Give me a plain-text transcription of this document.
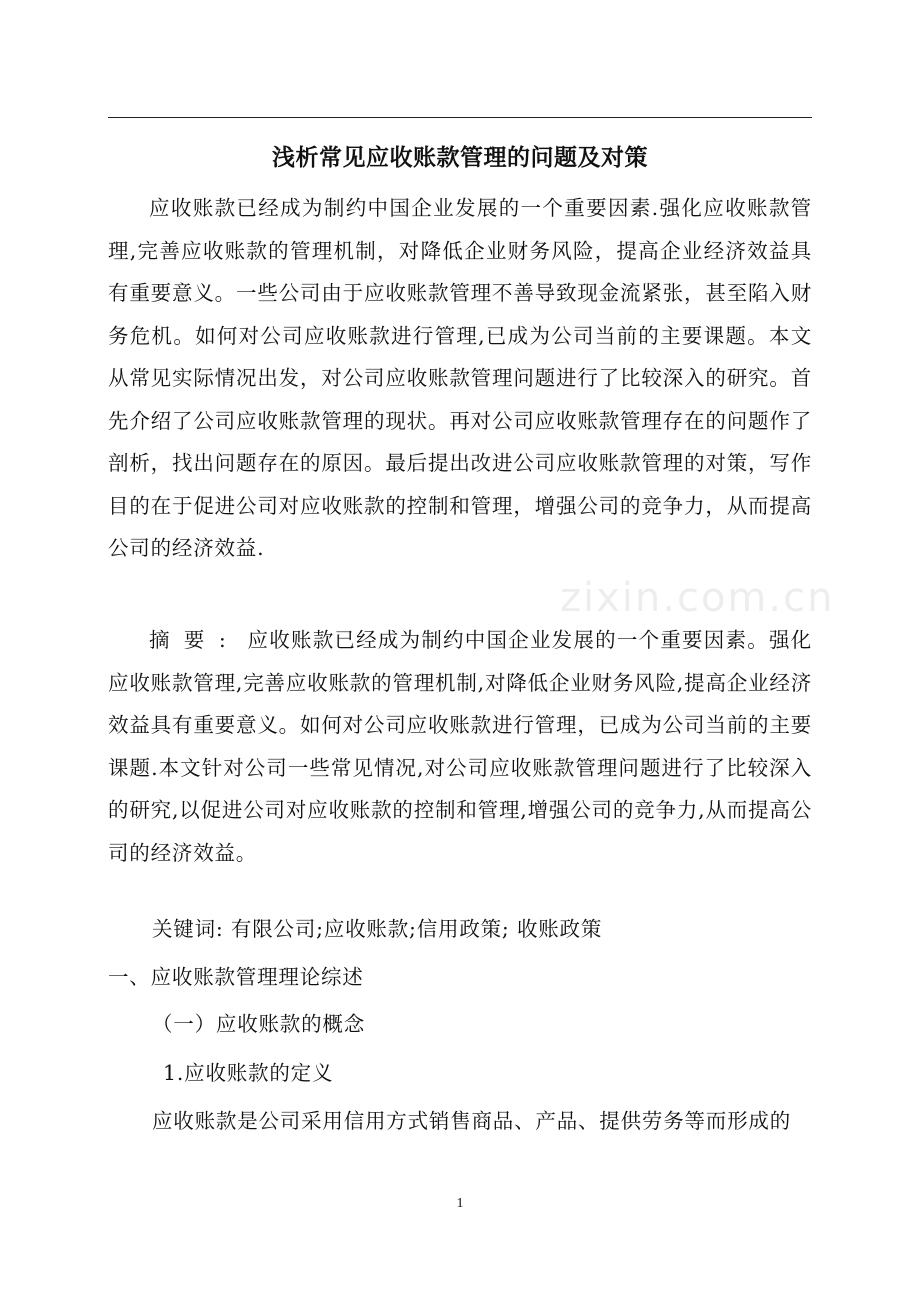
浅析常见应收账款管理的问题及对策

应收账款已经成为制约中国企业发展的一个重要因素.强化应收账款管理,完善应收账款的管理机制，对降低企业财务风险，提高企业经济效益具有重要意义。一些公司由于应收账款管理不善导致现金流紧张，甚至陷入财务危机。如何对公司应收账款进行管理,已成为公司当前的主要课题。本文从常见实际情况出发，对公司应收账款管理问题进行了比较深入的研究。首先介绍了公司应收账款管理的现状。再对公司应收账款管理存在的问题作了剖析，找出问题存在的原因。最后提出改进公司应收账款管理的对策，写作目的在于促进公司对应收账款的控制和管理，增强公司的竞争力，从而提高公司的经济效益.

摘要: 应收账款已经成为制约中国企业发展的一个重要因素。强化应收账款管理,完善应收账款的管理机制,对降低企业财务风险,提高企业经济效益具有重要意义。如何对公司应收账款进行管理，已成为公司当前的主要课题.本文针对公司一些常见情况,对公司应收账款管理问题进行了比较深入的研究,以促进公司对应收账款的控制和管理,增强公司的竞争力,从而提高公司的经济效益。

关键词: 有限公司;应收账款;信用政策; 收账政策
一、应收账款管理理论综述
（一）应收账款的概念
1.应收账款的定义
应收账款是公司采用信用方式销售商品、产品、提供劳务等而形成的
zixin.com.cn
1
